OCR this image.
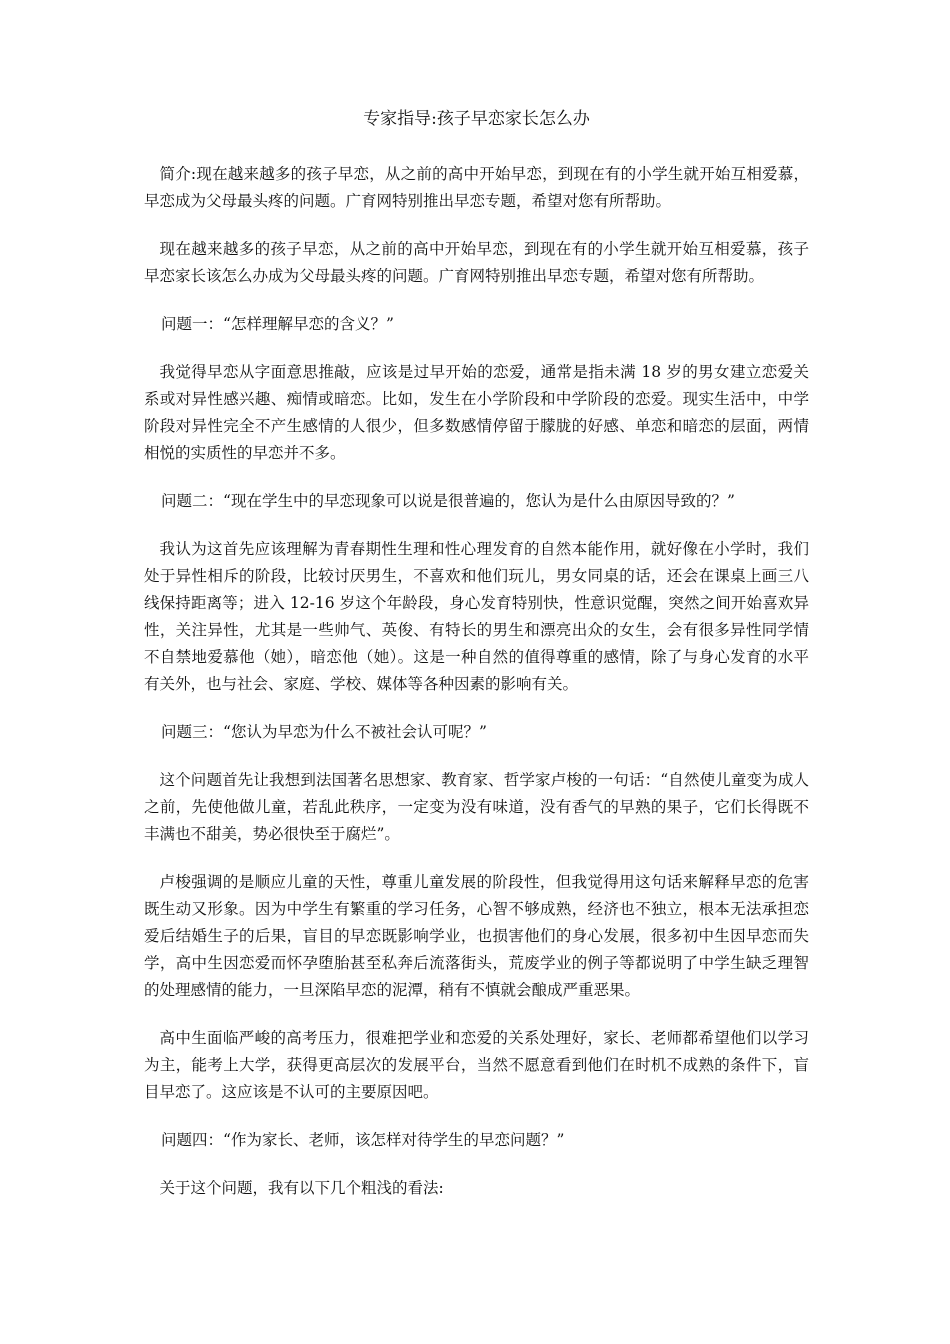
专家指导:孩子早恋家长怎么办

简介:现在越来越多的孩子早恋，从之前的高中开始早恋，到现在有的小学生就开始互相爱慕，早恋成为父母最头疼的问题。广育网特别推出早恋专题，希望对您有所帮助。

现在越来越多的孩子早恋，从之前的高中开始早恋，到现在有的小学生就开始互相爱慕，孩子早恋家长该怎么办成为父母最头疼的问题。广育网特别推出早恋专题，希望对您有所帮助。

问题一：“怎样理解早恋的含义？”

我觉得早恋从字面意思推敲，应该是过早开始的恋爱，通常是指未满 18 岁的男女建立恋爱关系或对异性感兴趣、痴情或暗恋。比如，发生在小学阶段和中学阶段的恋爱。现实生活中，中学阶段对异性完全不产生感情的人很少，但多数感情停留于朦胧的好感、单恋和暗恋的层面，两情相悦的实质性的早恋并不多。

问题二：“现在学生中的早恋现象可以说是很普遍的，您认为是什么由原因导致的？”

我认为这首先应该理解为青春期性生理和性心理发育的自然本能作用，就好像在小学时，我们处于异性相斥的阶段，比较讨厌男生，不喜欢和他们玩儿，男女同桌的话，还会在课桌上画三八线保持距离等；进入 12-16 岁这个年龄段，身心发育特别快，性意识觉醒，突然之间开始喜欢异性，关注异性，尤其是一些帅气、英俊、有特长的男生和漂亮出众的女生，会有很多异性同学情不自禁地爱慕他（她），暗恋他（她）。这是一种自然的值得尊重的感情，除了与身心发育的水平有关外，也与社会、家庭、学校、媒体等各种因素的影响有关。

问题三：“您认为早恋为什么不被社会认可呢？”

这个问题首先让我想到法国著名思想家、教育家、哲学家卢梭的一句话：“自然使儿童变为成人之前，先使他做儿童，若乱此秩序，一定变为没有味道，没有香气的早熟的果子，它们长得既不丰满也不甜美，势必很快至于腐烂”。

卢梭强调的是顺应儿童的天性，尊重儿童发展的阶段性，但我觉得用这句话来解释早恋的危害既生动又形象。因为中学生有繁重的学习任务，心智不够成熟，经济也不独立，根本无法承担恋爱后结婚生子的后果，盲目的早恋既影响学业，也损害他们的身心发展，很多初中生因早恋而失学，高中生因恋爱而怀孕堕胎甚至私奔后流落街头，荒废学业的例子等都说明了中学生缺乏理智的处理感情的能力，一旦深陷早恋的泥潭，稍有不慎就会酿成严重恶果。

高中生面临严峻的高考压力，很难把学业和恋爱的关系处理好，家长、老师都希望他们以学习为主，能考上大学，获得更高层次的发展平台，当然不愿意看到他们在时机不成熟的条件下，盲目早恋了。这应该是不认可的主要原因吧。

问题四：“作为家长、老师，该怎样对待学生的早恋问题？”

关于这个问题，我有以下几个粗浅的看法:
